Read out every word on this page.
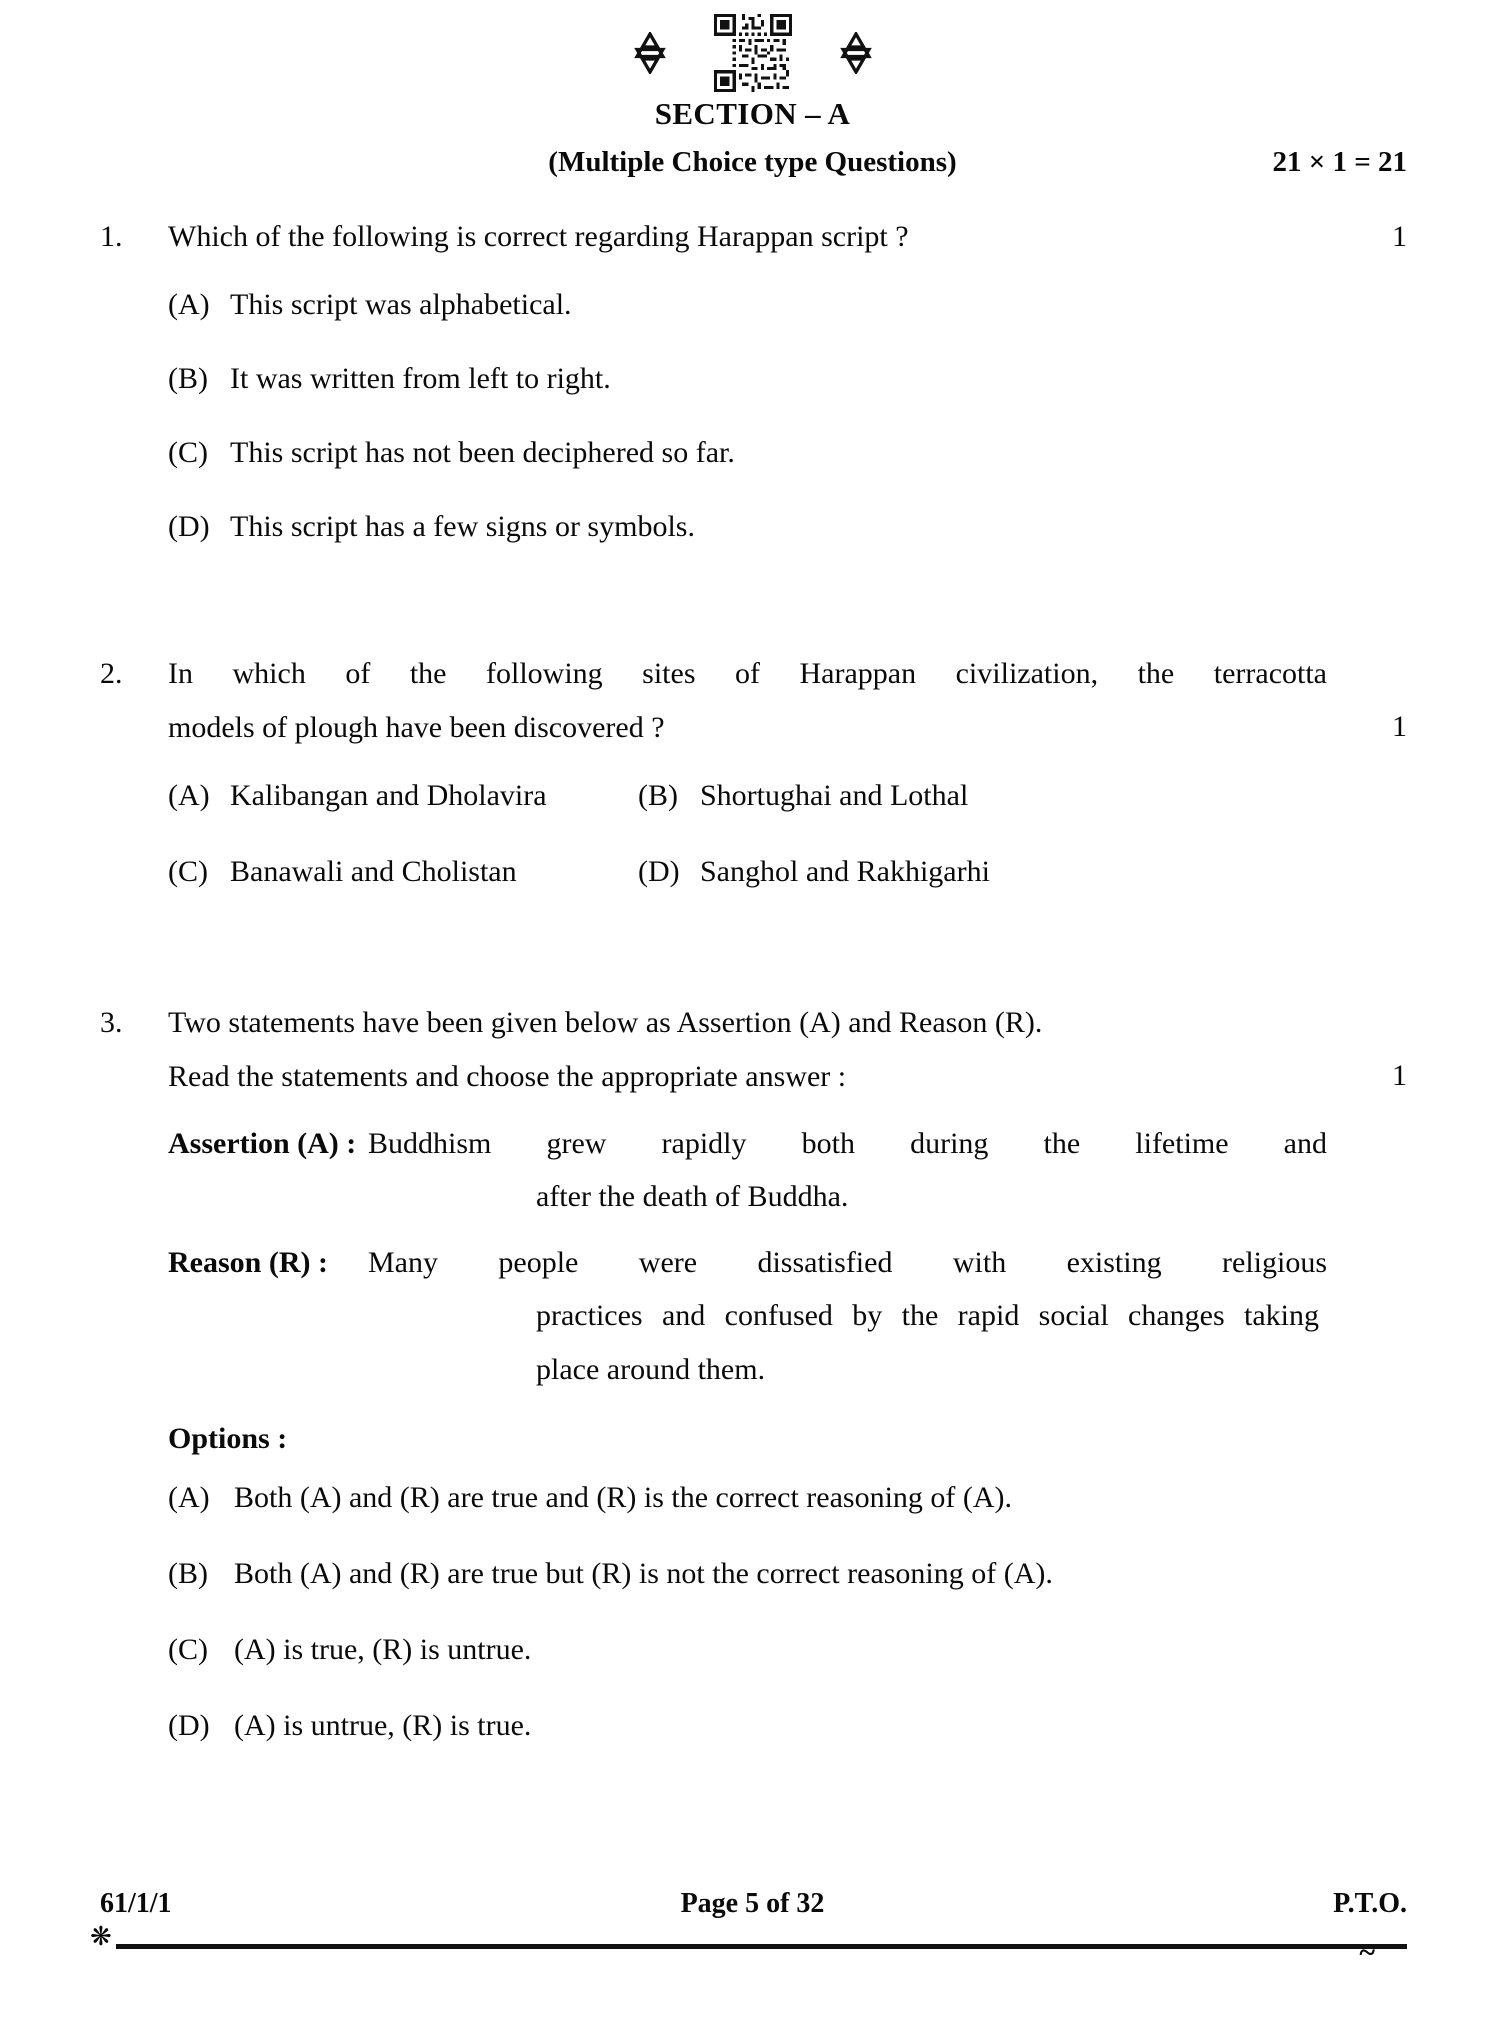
SECTION – A
(Multiple Choice type Questions)	21 × 1 = 21
1.	Which of the following is correct regarding Harappan script ?	1
(A) This script was alphabetical.
(B) It was written from left to right.
(C) This script has not been deciphered so far.
(D) This script has a few signs or symbols.
2.	In which of the following sites of Harappan civilization, the terracotta
models of plough have been discovered ?	1
(A) Kalibangan and Dholavira	(B) Shortughai and Lothal
(C) Banawali and Cholistan	(D) Sanghol and Rakhigarhi
3.	Two statements have been given below as Assertion (A) and Reason (R).
Read the statements and choose the appropriate answer :	1
Assertion (A) : Buddhism grew rapidly both during the lifetime and
after the death of Buddha.
Reason (R) :	Many people were dissatisfied with existing religious
practices and confused by the rapid social changes taking
place around them.
Options :
(A) Both (A) and (R) are true and (R) is the correct reasoning of (A).
(B) Both (A) and (R) are true but (R) is not the correct reasoning of (A).
(C) (A) is true, (R) is untrue.
(D) (A) is untrue, (R) is true.
61/1/1	Page 5 of 32	P.T.O.
❋	~
